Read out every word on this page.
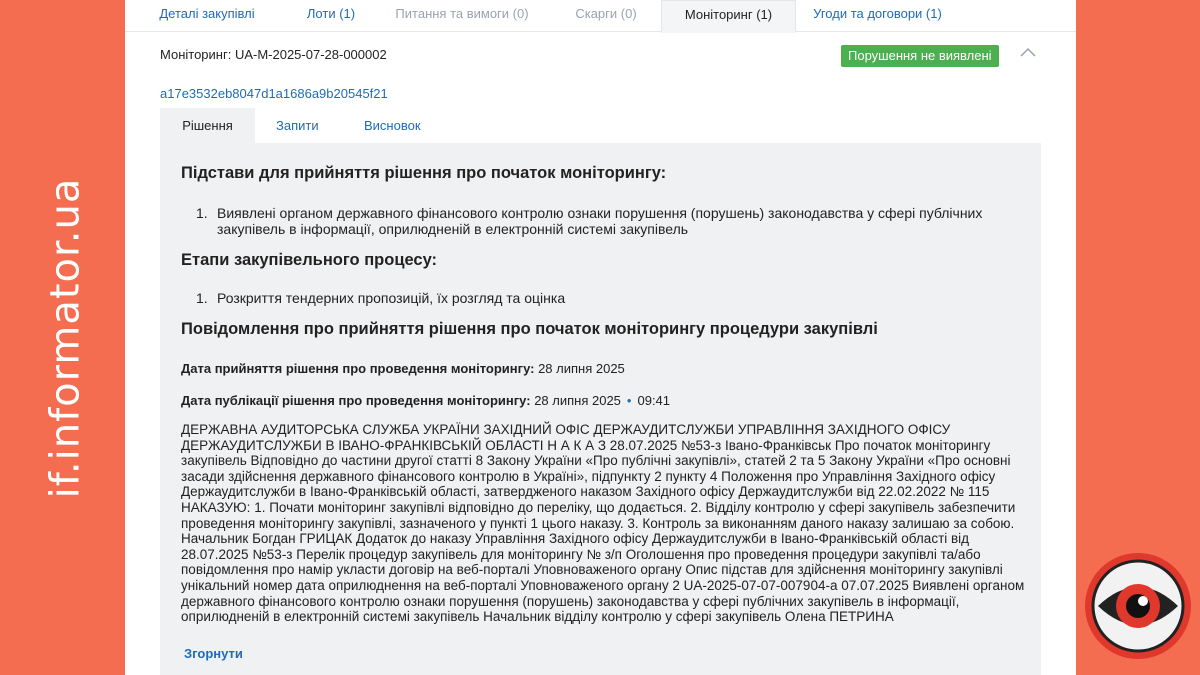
if.informator.ua
Деталі закупівлі	Лоти (1)	Питання та вимоги (0)	Скарги (0)	Моніторинг (1)	Угоди та договори (1)
Моніторинг: UA-M-2025-07-28-000002	Порушення не виявлені
a17e3532eb8047d1a1686a9b20545f21
Рішення	Запити	Висновок
Підстави для прийняття рішення про початок моніторингу:
1. Виявлені органом державного фінансового контролю ознаки порушення (порушень) законодавства у сфері публічних закупівель в інформації, оприлюдненій в електронній системі закупівель
Етапи закупівельного процесу:
1. Розкриття тендерних пропозицій, їх розгляд та оцінка
Повідомлення про прийняття рішення про початок моніторингу процедури закупівлі
Дата прийняття рішення про проведення моніторингу: 28 липня 2025
Дата публікації рішення про проведення моніторингу: 28 липня 2025 • 09:41
ДЕРЖАВНА АУДИТОРСЬКА СЛУЖБА УКРАЇНИ ЗАХІДНИЙ ОФІС ДЕРЖАУДИТСЛУЖБИ УПРАВЛІННЯ ЗАХІДНОГО ОФІСУ ДЕРЖАУДИТСЛУЖБИ В ІВАНО-ФРАНКІВСЬКІЙ ОБЛАСТІ Н А К А З 28.07.2025 №53-з Івано-Франківськ Про початок моніторингу закупівель Відповідно до частини другої статті 8 Закону України «Про публічні закупівлі», статей 2 та 5 Закону України «Про основні засади здійснення державного фінансового контролю в Україні», підпункту 2 пункту 4 Положення про Управління Західного офісу Держаудитслужби в Івано-Франківській області, затвердженого наказом Західного офісу Держаудитслужби від 22.02.2022 № 115 НАКАЗУЮ: 1. Почати моніторинг закупівлі відповідно до переліку, що додається. 2. Відділу контролю у сфері закупівель забезпечити проведення моніторингу закупівлі, зазначеного у пункті 1 цього наказу. 3. Контроль за виконанням даного наказу залишаю за собою. Начальник Богдан ГРИЦАК Додаток до наказу Управління Західного офісу Держаудитслужби в Івано-Франківській області від 28.07.2025 №53-з Перелік процедур закупівель для моніторингу № з/п Оголошення про проведення процедури закупівлі та/або повідомлення про намір укласти договір на веб-порталі Уповноваженого органу Опис підстав для здійснення моніторингу закупівлі унікальний номер дата оприлюднення на веб-порталі Уповноваженого органу 2 UA-2025-07-07-007904-a 07.07.2025 Виявлені органом державного фінансового контролю ознаки порушення (порушень) законодавства у сфері публічних закупівель в інформації, оприлюдненій в електронній системі закупівель Начальник відділу контролю у сфері закупівель Олена ПЕТРИНА
Згорнути
